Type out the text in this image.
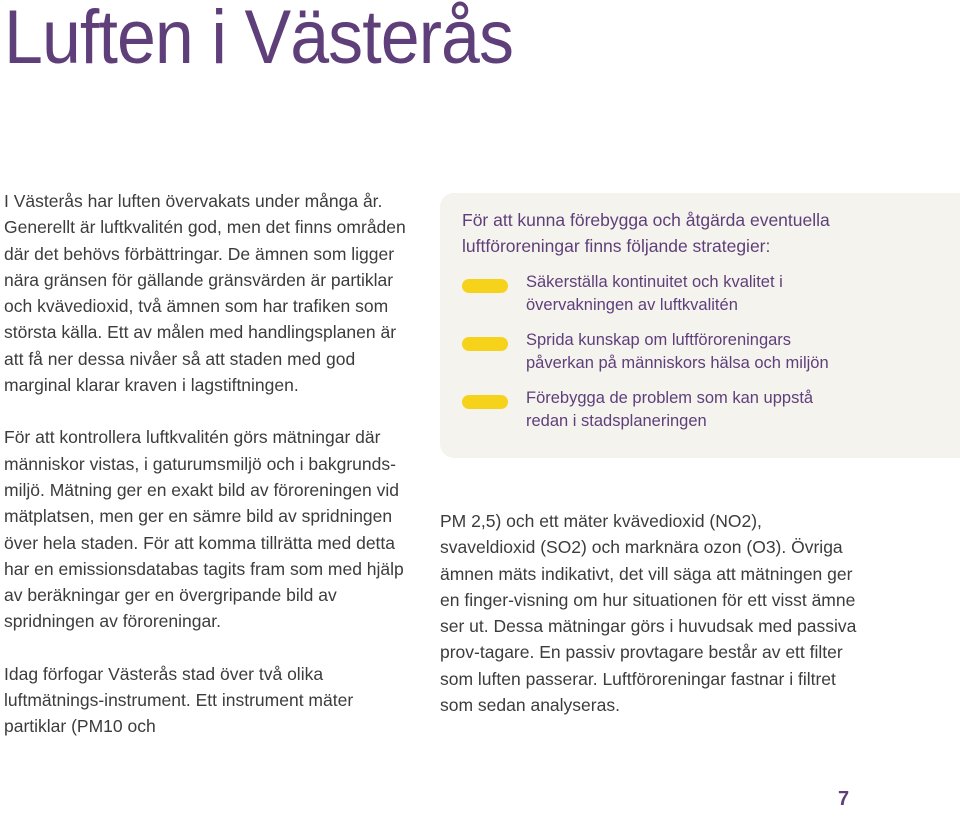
Luften i Västerås

I Västerås har luften övervakats under många år. Generellt är luftkvalitén god, men det finns områden där det behövs förbättringar. De ämnen som ligger nära gränsen för gällande gränsvärden är partiklar och kvävedioxid, två ämnen som har trafiken som största källa. Ett av målen med handlingsplanen är att få ner dessa nivåer så att staden med god marginal klarar kraven i lagstiftningen.

För att kontrollera luftkvalitén görs mätningar där människor vistas, i gaturumsmiljö och i bakgrunds-miljö. Mätning ger en exakt bild av föroreningen vid mätplatsen, men ger en sämre bild av spridningen över hela staden. För att komma tillrätta med detta har en emissionsdatabas tagits fram som med hjälp av beräkningar ger en övergripande bild av spridningen av föroreningar.

Idag förfogar Västerås stad över två olika luftmätnings-instrument. Ett instrument mäter partiklar (PM10 och

För att kunna förebygga och åtgärda eventuella luftföroreningar finns följande strategier:

Säkerställa kontinuitet och kvalitet i övervakningen av luftkvalitén
Sprida kunskap om luftföroreningars påverkan på människors hälsa och miljön
Förebygga de problem som kan uppstå redan i stadsplaneringen

PM 2,5) och ett mäter kvävedioxid (NO2), svaveldioxid (SO2) och marknära ozon (O3). Övriga ämnen mäts indikativt, det vill säga att mätningen ger en finger-visning om hur situationen för ett visst ämne ser ut. Dessa mätningar görs i huvudsak med passiva prov-tagare. En passiv provtagare består av ett filter som luften passerar. Luftföroreningar fastnar i filtret som sedan analyseras.

7
